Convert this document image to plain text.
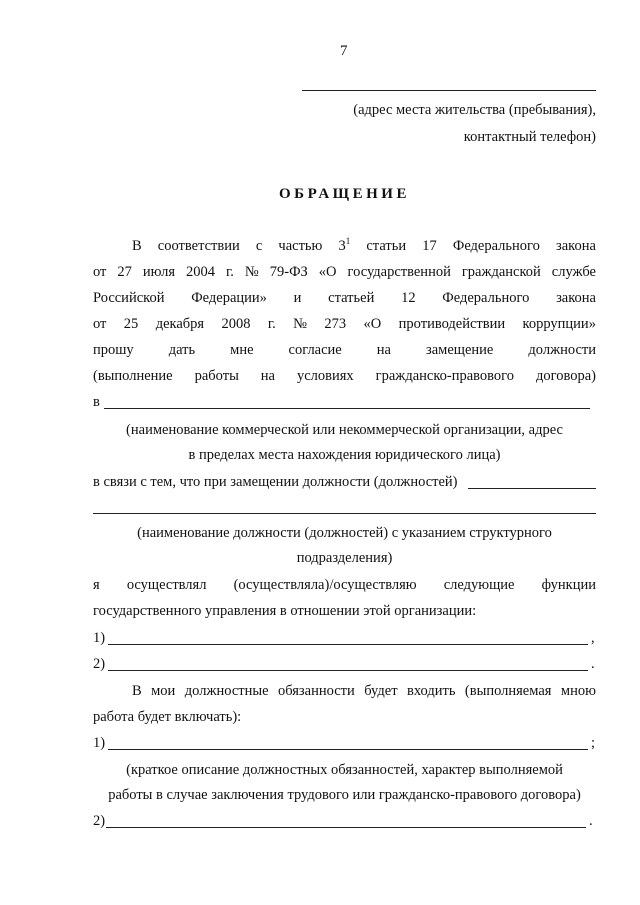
7
(адрес места жительства (пребывания),
контактный телефон)
ОБРАЩЕНИЕ
В соответствии с частью $3^1$ статьи 17 Федерального закона
от 27 июля 2004 г. № 79-ФЗ «О государственной гражданской службе
Российской Федерации» и статьей 12 Федерального закона
от 25 декабря 2008 г. № 273 «О противодействии коррупции»
прошу дать мне согласие на замещение должности
(выполнение работы на условиях гражданско-правового договора)
в
(наименование коммерческой или некоммерческой организации, адрес
в пределах места нахождения юридического лица)
в связи с тем, что при замещении должности (должностей)
(наименование должности (должностей) с указанием структурного
подразделения)
я осуществлял (осуществляла)/осуществляю следующие функции
государственного управления в отношении этой организации:
1)	,
2)	.
В мои должностные обязанности будет входить (выполняемая мною
работа будет включать):
1)	;
(краткое описание должностных обязанностей, характер выполняемой
работы в случае заключения трудового или гражданско-правового договора)
2)	.
